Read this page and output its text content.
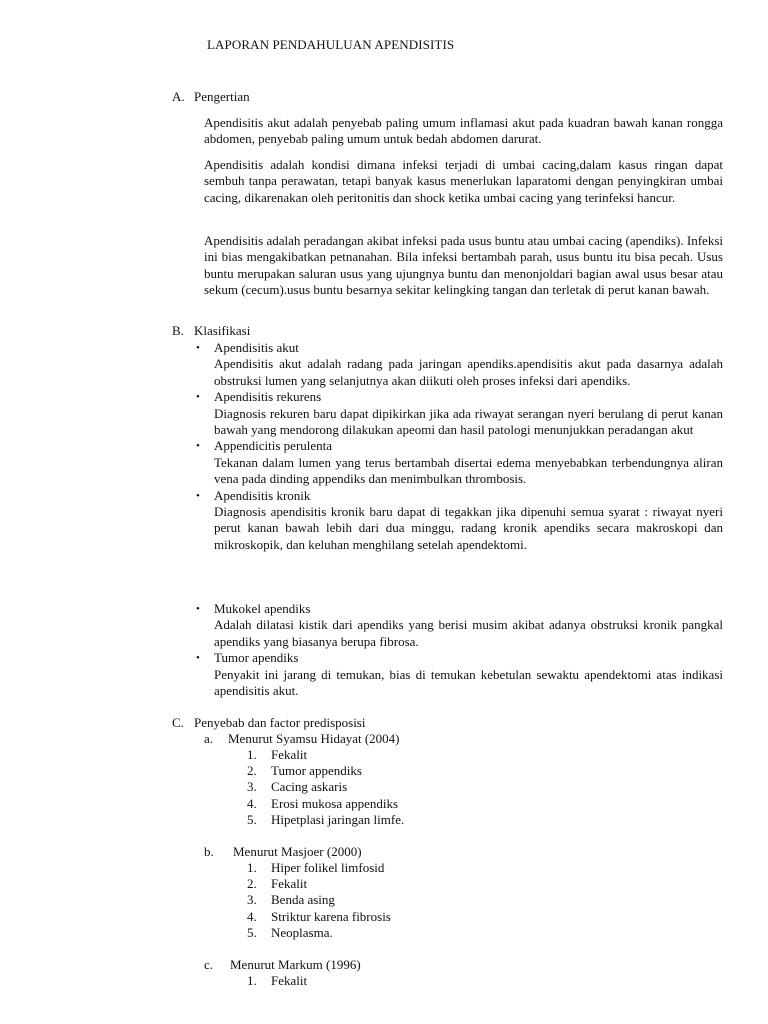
LAPORAN PENDAHULUAN APENDISITIS
A. Pengertian
Apendisitis akut adalah penyebab paling umum inflamasi akut pada kuadran bawah kanan rongga abdomen, penyebab paling umum untuk bedah abdomen darurat.
Apendisitis adalah kondisi dimana infeksi terjadi di umbai cacing,dalam kasus ringan dapat sembuh tanpa perawatan, tetapi banyak kasus menerlukan laparatomi dengan penyingkiran umbai cacing, dikarenakan oleh peritonitis dan shock ketika umbai cacing yang terinfeksi hancur.
Apendisitis adalah peradangan akibat infeksi pada usus buntu atau umbai cacing (apendiks). Infeksi ini bias mengakibatkan petnanahan. Bila infeksi bertambah parah, usus buntu itu bisa pecah. Usus buntu merupakan saluran usus yang ujungnya buntu dan menonjoldari bagian awal usus besar atau sekum (cecum).usus buntu besarnya sekitar kelingking tangan dan terletak di perut kanan bawah.
B. Klasifikasi
• Apendisitis akut
Apendisitis akut adalah radang pada jaringan apendiks.apendisitis akut pada dasarnya adalah obstruksi lumen yang selanjutnya akan diikuti oleh proses infeksi dari apendiks.
• Apendisitis rekurens
Diagnosis rekuren baru dapat dipikirkan jika ada riwayat serangan nyeri berulang di perut kanan bawah yang mendorong dilakukan apeomi dan hasil patologi menunjukkan peradangan akut
• Appendicitis perulenta
Tekanan dalam lumen yang terus bertambah disertai edema menyebabkan terbendungnya aliran vena pada dinding appendiks dan menimbulkan thrombosis.
• Apendisitis kronik
Diagnosis apendisitis kronik baru dapat di tegakkan jika dipenuhi semua syarat : riwayat nyeri perut kanan bawah lebih dari dua minggu, radang kronik apendiks secara makroskopi dan mikroskopik, dan keluhan menghilang setelah apendektomi.
• Mukokel apendiks
Adalah dilatasi kistik dari apendiks yang berisi musim akibat adanya obstruksi kronik pangkal apendiks yang biasanya berupa fibrosa.
• Tumor apendiks
Penyakit ini jarang di temukan, bias di temukan kebetulan sewaktu apendektomi atas indikasi apendisitis akut.
C. Penyebab dan factor predisposisi
a. Menurut Syamsu Hidayat (2004)
1. Fekalit
2. Tumor appendiks
3. Cacing askaris
4. Erosi mukosa appendiks
5. Hipetplasi jaringan limfe.
b. Menurut Masjoer (2000)
1. Hiper folikel limfosid
2. Fekalit
3. Benda asing
4. Striktur karena fibrosis
5. Neoplasma.
c. Menurut Markum (1996)
1. Fekalit
